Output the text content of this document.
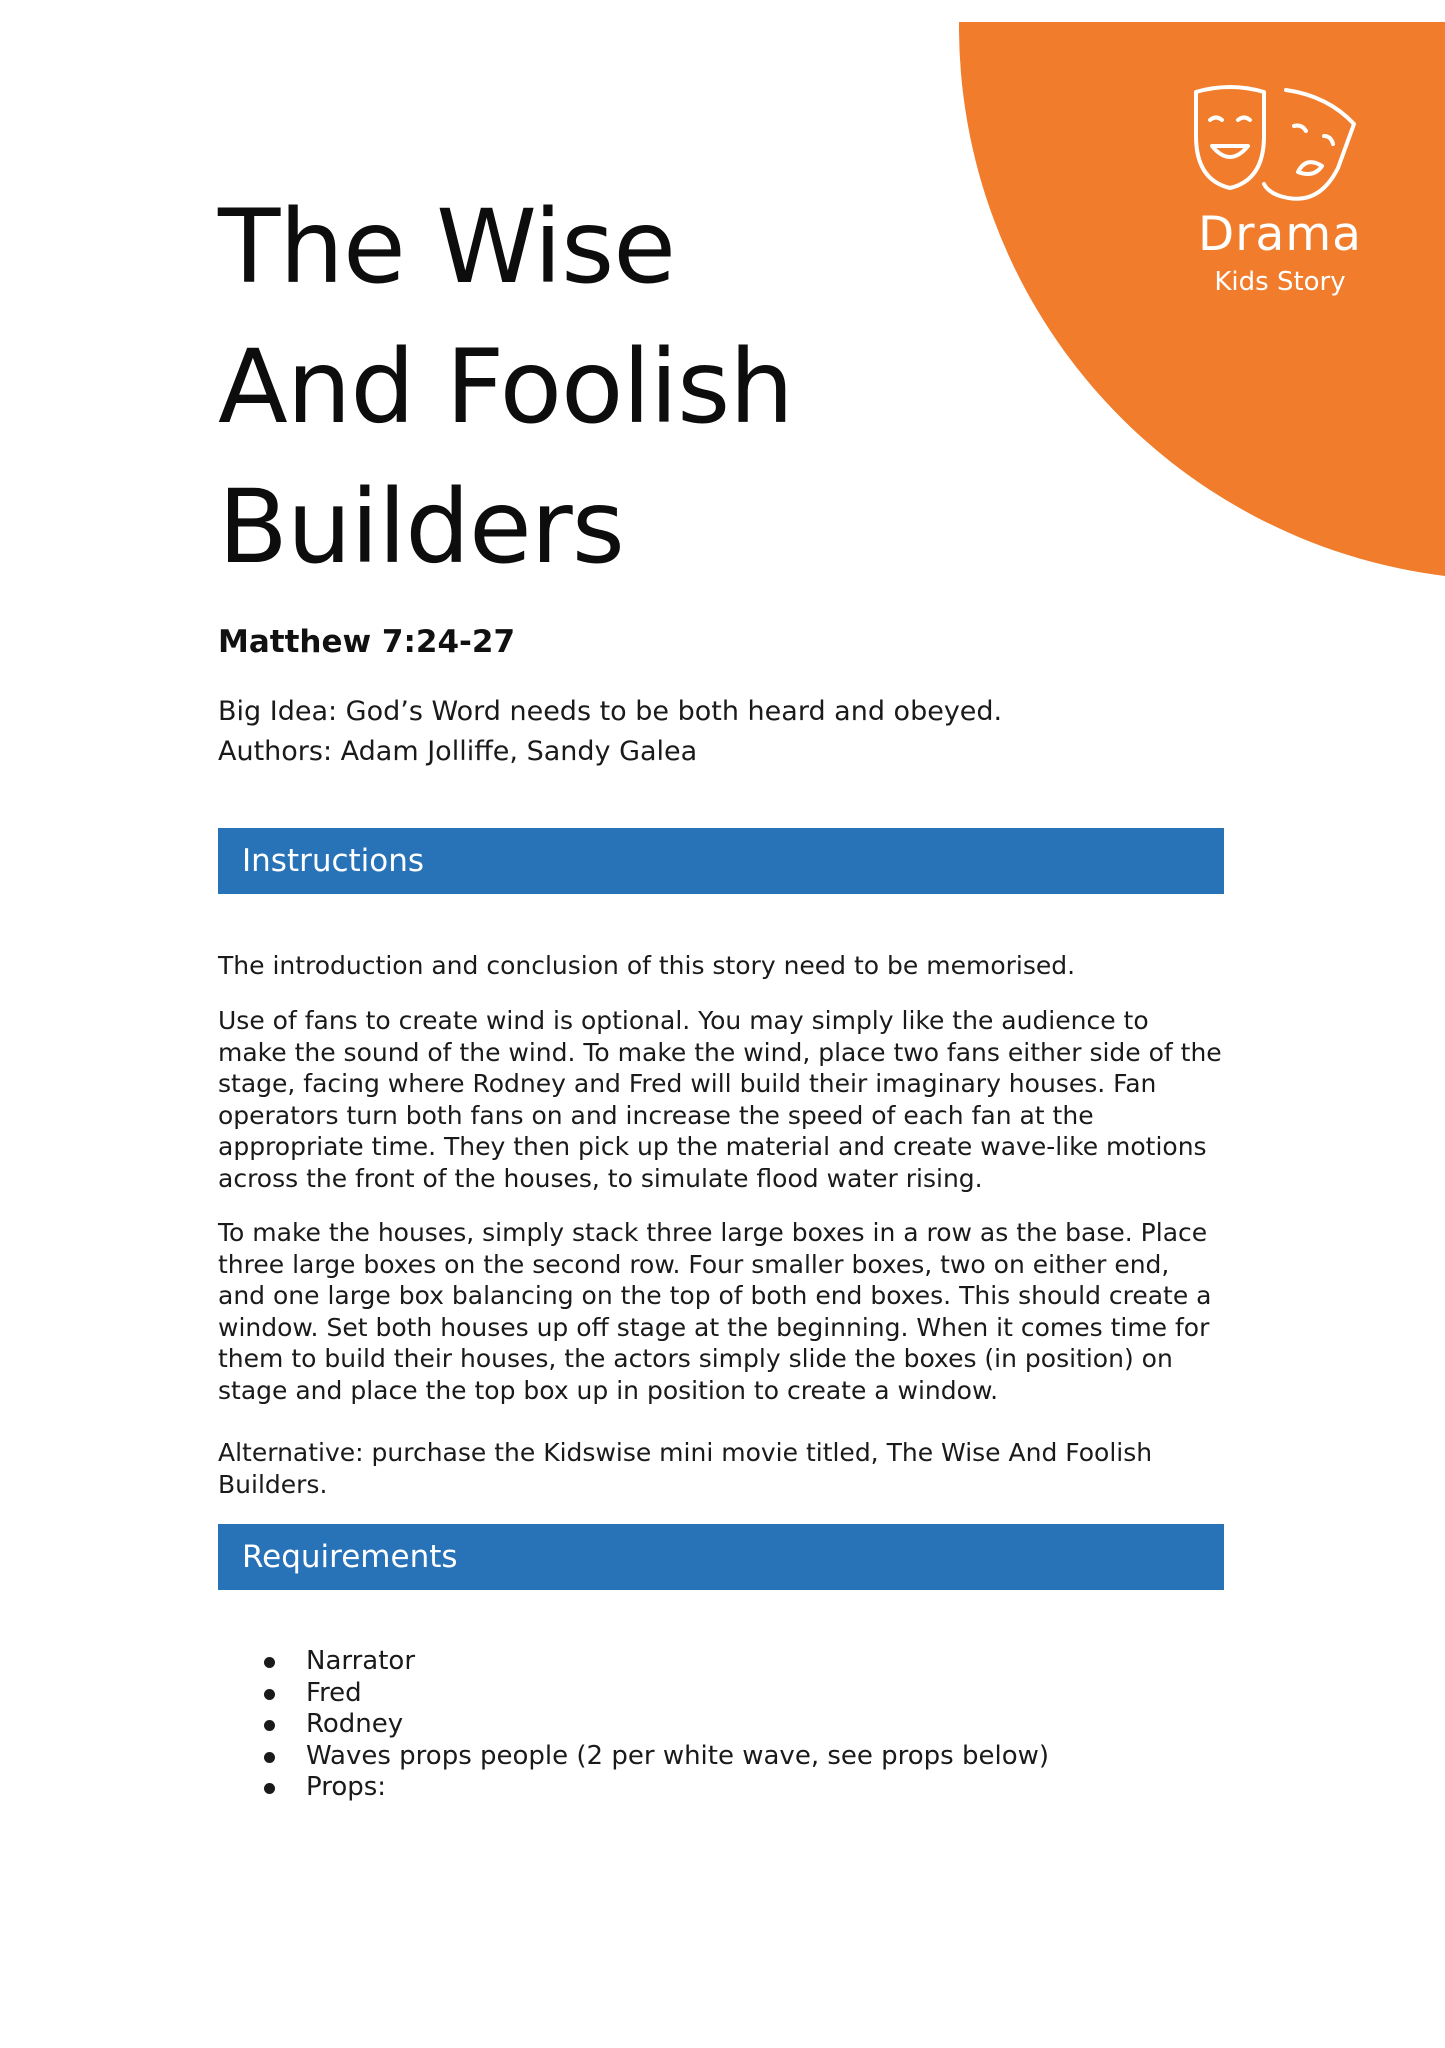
Drama
Kids Story
The Wise
And Foolish
Builders
Matthew 7:24-27
Big Idea: God’s Word needs to be both heard and obeyed.
Authors: Adam Jolliffe, Sandy Galea
Instructions

The introduction and conclusion of this story need to be memorised.

Use of fans to create wind is optional. You may simply like the audience to make the sound of the wind. To make the wind, place two fans either side of the stage, facing where Rodney and Fred will build their imaginary houses. Fan operators turn both fans on and increase the speed of each fan at the appropriate time. They then pick up the material and create wave-like motions across the front of the houses, to simulate flood water rising.

To make the houses, simply stack three large boxes in a row as the base. Place three large boxes on the second row. Four smaller boxes, two on either end, and one large box balancing on the top of both end boxes. This should create a window. Set both houses up off stage at the beginning. When it comes time for them to build their houses, the actors simply slide the boxes (in position) on stage and place the top box up in position to create a window.

Alternative: purchase the Kidswise mini movie titled, The Wise And Foolish Builders.

Requirements
Narrator
Fred
Rodney
Waves props people (2 per white wave, see props below)
Props:
